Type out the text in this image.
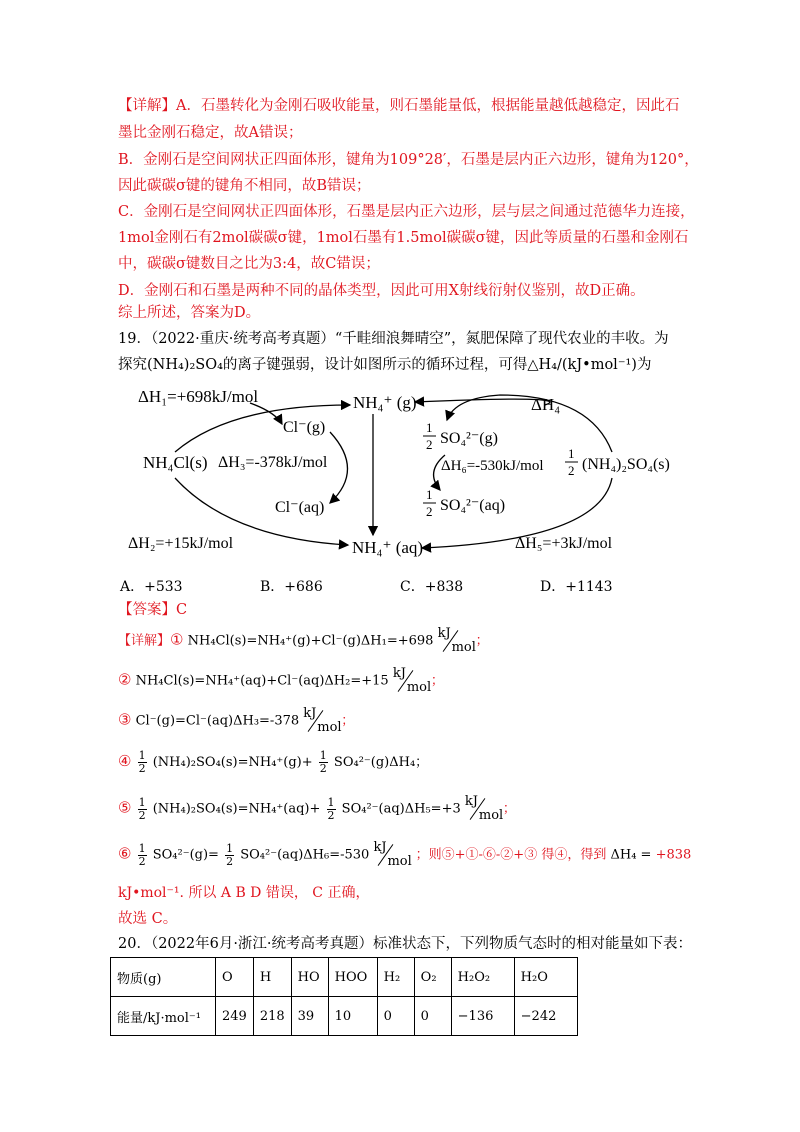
【详解】A．石墨转化为金刚石吸收能量，则石墨能量低，根据能量越低越稳定，因此石
墨比金刚石稳定，故A错误；
B．金刚石是空间网状正四面体形，键角为109°28′，石墨是层内正六边形，键角为120°，
因此碳碳σ键的键角不相同，故B错误；
C．金刚石是空间网状正四面体形，石墨是层内正六边形，层与层之间通过范德华力连接，
1mol金刚石有2mol碳碳σ键，1mol石墨有1.5mol碳碳σ键，因此等质量的石墨和金刚石
中，碳碳σ键数目之比为3:4，故C错误；
D．金刚石和石墨是两种不同的晶体类型，因此可用X射线衍射仪鉴别，故D正确。
综上所述，答案为D。
19．（2022·重庆·统考高考真题）“千畦细浪舞晴空”，氮肥保障了现代农业的丰收。为
探究(NH₄)₂SO₄的离子键强弱，设计如图所示的循环过程，可得△H₄/(kJ•mol⁻¹)为
ΔH₁=+698kJ/mol
ΔH₂=+15kJ/mol
ΔH₃=-378kJ/mol
ΔH₄
ΔH₅=+3kJ/mol
ΔH₆=-530kJ/mol
NH₄⁺ (g)
NH₄⁺ (aq)
Cl⁻(g)
Cl⁻(aq)
NH₄Cl(s)
1
2 SO₄²⁻(g)
1
2 SO₄²⁻(aq)
1
2 (NH₄)₂SO₄(s)
A．+533	B．+686	C．+838	D．+1143
【答案】C
【详解】① NH₄Cl(s)=NH₄⁺(g)+Cl⁻(g)ΔH₁=+698 kJ
mol ；
② NH₄Cl(s)=NH₄⁺(aq)+Cl⁻(aq)ΔH₂=+15 kJ
mol ；
③ Cl⁻(g)=Cl⁻(aq)ΔH₃=-378 kJ
mol ；
④ $\frac{1}{2} (NH_4)_2SO_4(s)=NH_4^+(g)+ \frac{1}{2} SO_4^{2-}(g)\Delta H_4$；
⑤ $\frac{1}{2} (NH_4)_2SO_4(s)=NH_4^+(aq)+ \frac{1}{2} SO_4^{2-}(aq)\Delta H_5=+3$ kJ
mol ；
⑥ $\frac{1}{2} SO_4^{2-}(g)= \frac{1}{2} SO_4^{2-}(aq)\Delta H_6=-530$ kJ
mol ；则⑤+①-⑥-②+③ 得④，得到 ΔH₄ = +838
kJ•mol⁻¹. 所以 A B D 错误， C 正确，
故选 C。
20．（2022年6月·浙江·统考高考真题）标准状态下，下列物质气态时的相对能量如下表：
物质(g)	O	H	HO	HOO	H₂	O₂	H₂O₂	H₂O
能量/kJ·mol⁻¹	249	218	39	10	0	0	−136	−242
